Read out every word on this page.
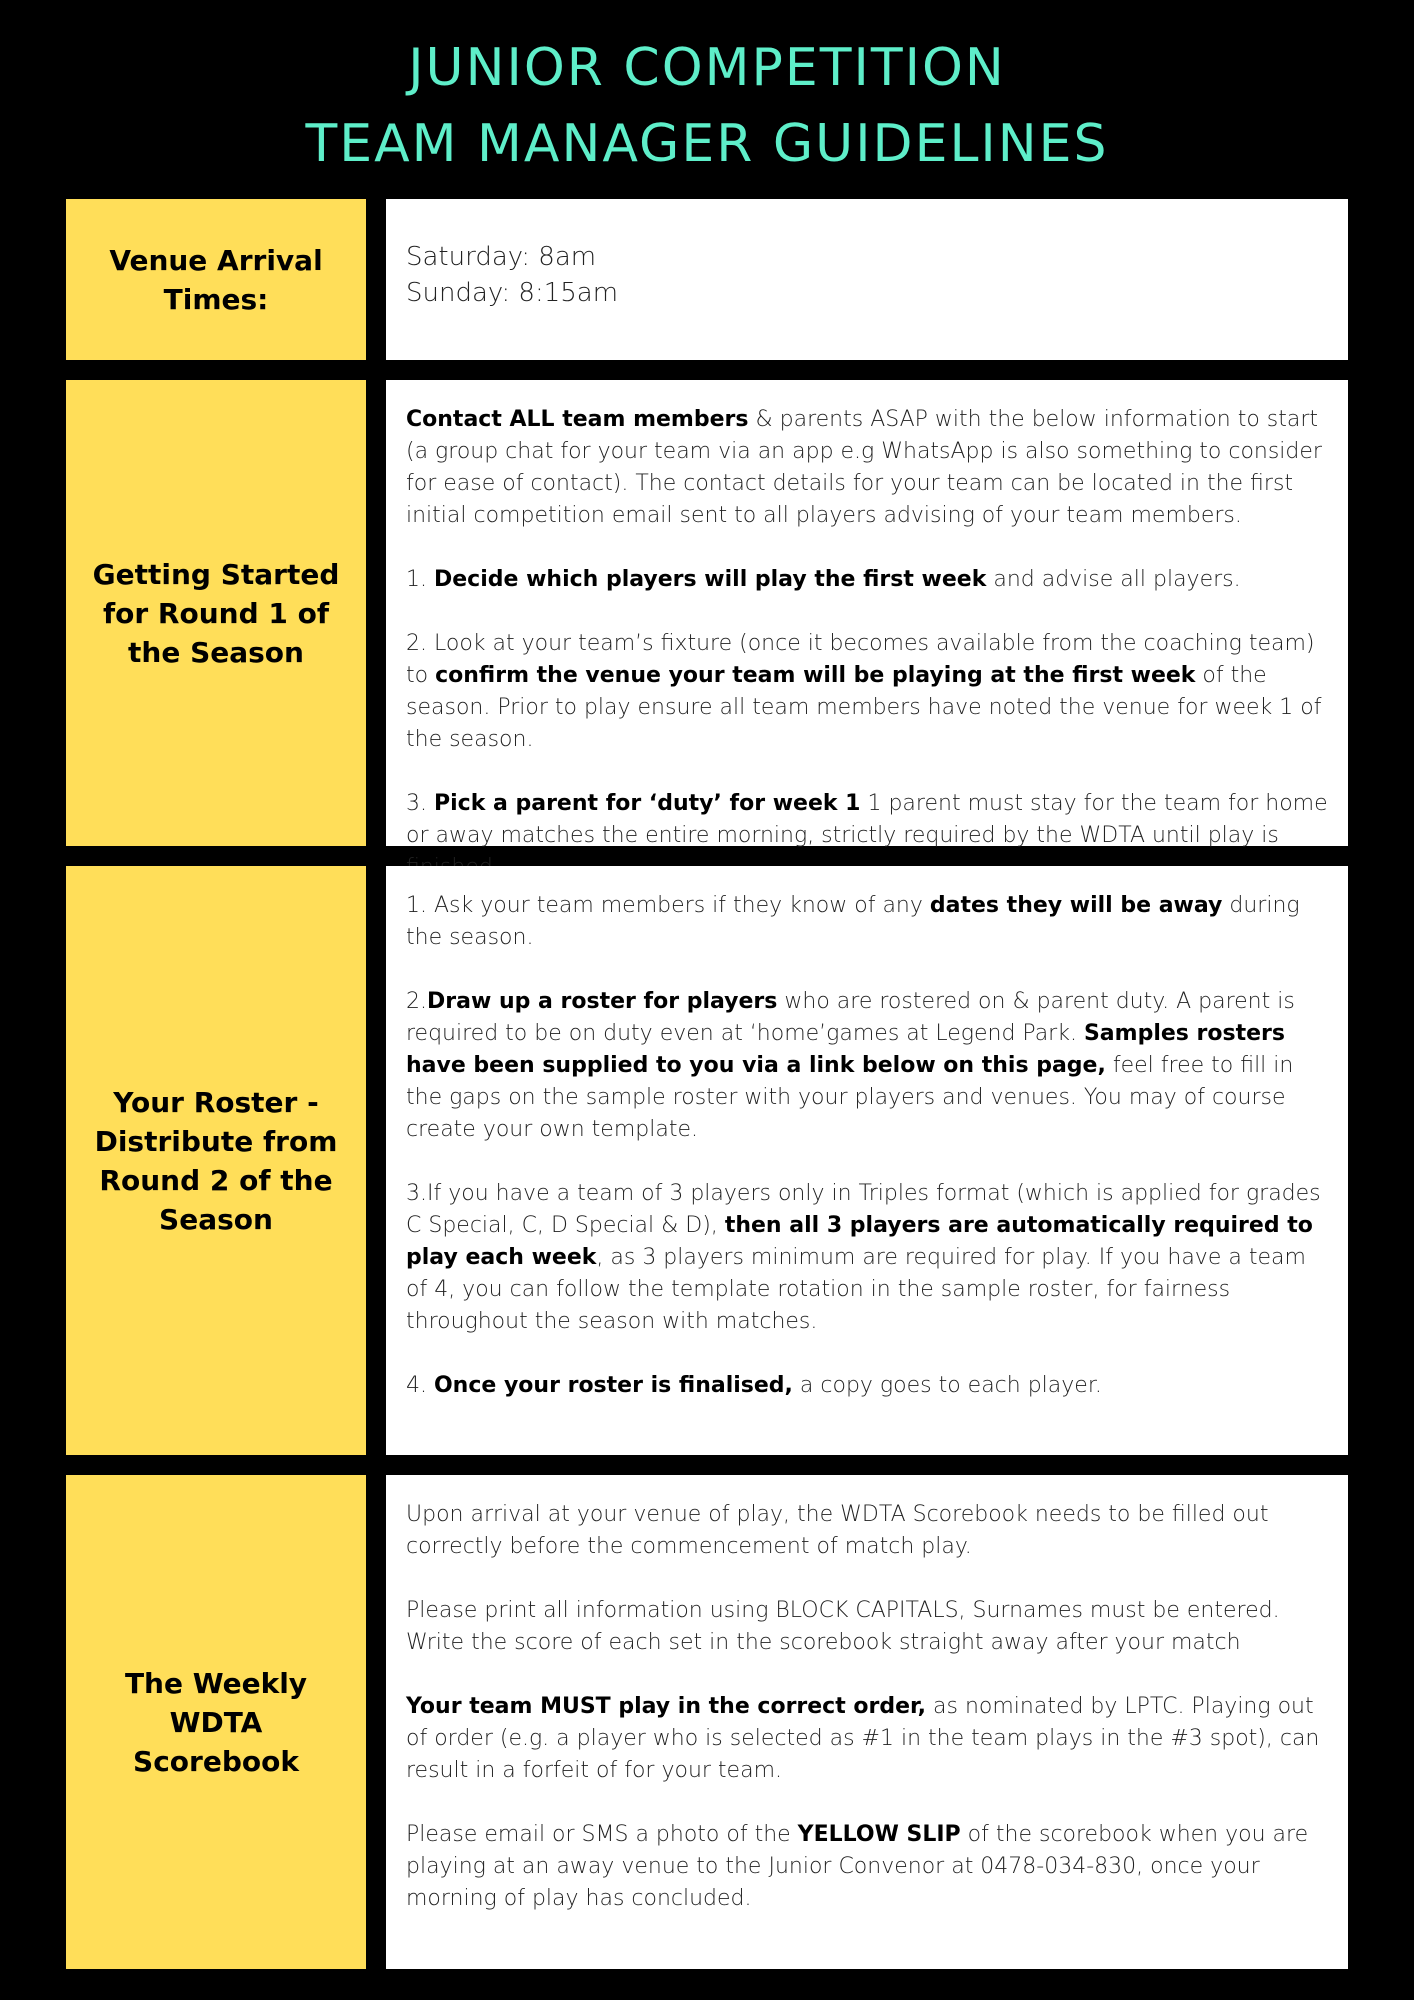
JUNIOR COMPETITION
TEAM MANAGER GUIDELINES
Venue Arrival Times:
Saturday: 8am
Sunday: 8:15am
Getting Started for Round 1 of the Season

Contact ALL team members & parents ASAP with the below information to start (a group chat for your team via an app e.g WhatsApp is also something to consider for ease of contact). The contact details for your team can be located in the first initial competition email sent to all players advising of your team members.

1. Decide which players will play the first week and advise all players.

2. Look at your team’s fixture (once it becomes available from the coaching team) to confirm the venue your team will be playing at the first week of the season. Prior to play ensure all team members have noted the venue for week 1 of the season.

3. Pick a parent for ‘duty’ for week 1 1 parent must stay for the team for home or away matches the entire morning, strictly required by the WDTA until play is

Your Roster - Distribute from Round 2 of the Season

1. Ask your team members if they know of any dates they will be away during the season.

2.Draw up a roster for players who are rostered on & parent duty. A parent is required to be on duty even at ‘home’games at Legend Park. Samples rosters have been supplied to you via a link below on this page, feel free to fill in the gaps on the sample roster with your players and venues. You may of course create your own template.

3.If you have a team of 3 players only in Triples format (which is applied for grades C Special, C, D Special & D), then all 3 players are automatically required to play each week, as 3 players minimum are required for play. If you have a team of 4, you can follow the template rotation in the sample roster, for fairness throughout the season with matches.

4. Once your roster is finalised, a copy goes to each player.

The Weekly WDTA Scorebook

Upon arrival at your venue of play, the WDTA Scorebook needs to be filled out correctly before the commencement of match play.

Please print all information using BLOCK CAPITALS, Surnames must be entered. Write the score of each set in the scorebook straight away after your match

Your team MUST play in the correct order, as nominated by LPTC. Playing out of order (e.g. a player who is selected as #1 in the team plays in the #3 spot), can result in a forfeit of for your team.

Please email or SMS a photo of the YELLOW SLIP of the scorebook when you are playing at an away venue to the Junior Convenor at 0478-034-830, once your morning of play has concluded.
